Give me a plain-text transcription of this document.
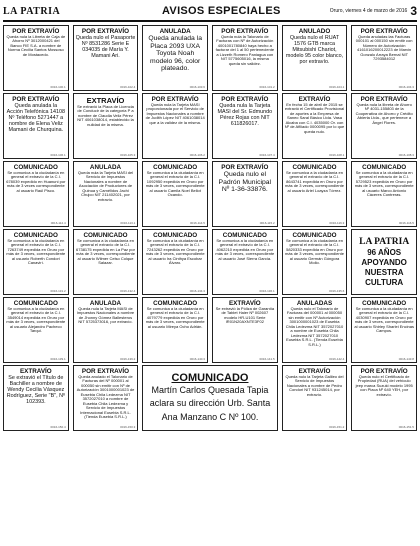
LA PATRIA	AVISOS ESPECIALES	Oruro, viernes 4 de marzo de 2016 3
POR EXTRAVÍO
Queda nula la Libreta de Caja de Ahorro Nº 3012000421 del Banco FIE S.A. a nombre de Norma Cecilia Santos Mossoso de Mostacedo.
0016-100.1
POR EXTRAVÍO
Queda nulo el Pasaporte Nº 8531286 Serie E 034035 de María Y. Mamani Ari.
0016-102.4
ANULADA
Queda anulada la Placa 2093 UXA Toyota Noah modelo 96, color plateado.
0016-103.6
POR EXTRAVÍO
Queda nula la Talonario de Facturas con Nº de Autorización 4001001780840 haya hecho a facturar del 1 al 50 perteneciente a Lizzeth Romero Paniagua con NIT 5775605016, la misma queda sin validez.
0016-101.2
ANULADO
Queda nulo el RUAT 1576 GTB marca Mitsubishi Chariot, modelo 95 color blanco, por extravío.
0016-104.1
POR EXTRAVÍO
Queda anuladas las Facturas 000101 al 000150 sin emitir con Número de Autorización 4161016200012223 de Marvin Gonzalo Arraya Bernal NIT 7293584012
0016-104.3
POR EXTRAVÍO
Queda anulada la Acción Telefónica 14108 Nº Teléfono 5271447 a nombre de Elena Veliz Mamani de Churquina.
0016-106.1
EXTRAVÍO
Se extravió la Placa de Licencia de Conducir de la categoría P a nombre de Claudia Veliz Pérez NIT 4061038014, establecido la nulidad de la misma.
0016-105.3
POR EXTRAVÍO
Queda nula la Tarjeta MASI proporcionada por el Servicio de Impuestos Nacionales a nombre de Judith López NIT 4061038014 que a la validez de la misma.
0016-106.2
POR EXTRAVÍO
Queda nula la Tarjeta MASI del Sr. Edmundo Pérez Rojas con NIT 611826017.
0016-107.4
EXTRAVÍO
En fecha 15 de abril de 2015 se extravió el Certificado Provisional de aportes a la Empresa de Saneo Saral Básico Ltda. Vasa Alcaba con C.I. 4035000 Or. con Nº de Afiliado 0000095 por lo que queda nulo.
0016-108.1
POR EXTRAVÍO
Queda nula la libreta de Ahorro Nº 4031-155803 de la Cooperativa de Ahorro y Crédito Abierta Ltda., que pertenece a Ángel Flores.
0016-108.3
COMUNICADO
Se comunica a la ciudadanía en general el extravío de la C.I. 678039 expedido en Huanuni por más de 3 veces correspondiente al usuario Raúl Pisco.
0016-112.4
ANULADA
Queda nula la Tarjeta MASI del Servicio de Impuestos Nacionales a nombre de Asociación de Productores de Quinua y Camélidos Jachi Chujco NIT 211402021, por extravío.
0016-113.1
COMUNICADO
Se comunica a la ciudadanía en general el extravío de la C.I. 1092950 expedida en Oruro por más de 3 veces, correspondiente al usuario Camila Noel Bellot Ocando.
0016-114.5
POR EXTRAVÍO
Queda nulo el Padrón Municipal Nº 1-36-33876.
0016-115.2
COMUNICADO
Se comunica a la ciudadanía en general el extravío de la C.I. 8643741 expedida en Oruro por más de 3 veces, correspondiente al usuario Ariel Loayza Tórrez.
0016-116.3
COMUNICADO
Se comunica a la ciudadanía en general el extravío de la C.I. 5729523 expedida en Oruro por más de 3 veces, correspondiente al usuario Marco Antonio Cáceres Contreras.
0016-116.5
COMUNICADO
Se comunica a la ciudadanía en general el extravío de la C.I. 7263749 expedida en Oruro por más de 3 veces, correspondiente al usuario Roberth Condori Canavirí.
0016-131.2
COMUNICADO
Se comunica a la ciudadanía en general el extravío de la C.I. 6738175 expedida en La Paz por más de 3 veces, correspondiente al usuario Wilmer Celso Colque Salazar.
0016-132.4
COMUNICADO
Se comunica a la ciudadanía en general el extravío de la C.I. 7243262 expedida en Oruro por más de 3 veces, correspondiente al usuario Ira Cinthya Escobar Álvaro.
0016-134.3
COMUNICADO
Se comunica a la ciudadanía en general el extravío de la C.I. 4062210 expedida en Oruro por más de 3 veces, correspondiente al usuario José Sierra García.
0016-136.1
COMUNICADO
Se comunica a la ciudadanía en general el extravío de la C.I. 5820333 expedida en Oruro por más de 3 veces, correspondiente al usuario Germán Góngora Molio.
0016-135.6
LA PATRIA
96 AÑOS
APOYANDO NUESTRA CULTURA
COMUNICADO
Se comunica a la ciudadanía en general el extravío de la C.I. 3549014 expedida en Oruro por más de 3 veces, correspondiente al usuario Alejandro Pacheco Tarqui.
0016-139.1
ANULADA
Queda nula la Tarjeta MASI de Impuestos Nacionales a nombre de Jhonny Gómez Ballesteros NIT 5725373016, por extravío.
0016-139.2
COMUNICADO
Se comunica a la ciudadanía en general el extravío de la C.I. 4079779 expedida en Oruro por más de 3 veces, correspondiente al usuario Mireya Ocho Adrián.
0016-140.3
EXTRAVÍO
Se extravió la Póliza de Garantía de Tablet Haier Nº 002607 modelo HR-U101 Serie IR01N20AXNTE3F02
0016-141.5
ANULADAS
Queda nulo el Talonario de Facturas del 000001 al 000050 sin emitir con Nº Autorización 3001000001023 de Eusebia Chila Ledezma NIT 3572027010 a nombre de Eusebia Chila Ledezma NIT 3572027010 Eusebia S.R.L. (Tienda Eusebia S.R.L.)
0016-142.4
COMUNICADO
Se comunica a la ciudadanía en general el extravío de la C.I. 4030907 expedida en Oruro por más de 3 veces, correspondiente al usuario Shirley Sharlei Encinas Campos.
0016-143.8
EXTRAVÍO
Se extravió el Título de Bachiller a nombre de Wendy Cecilia Vásquez Rodríguez, Serie "B", Nº 102393.
0016-150.4
POR EXTRAVÍO
Queda anulado el Talonario de Facturas del Nº 000001 al 000050 sin emitir con Nº de Autorización 3001000001023 de Eusebia Chila Ledezma NIT 3572027010 a nombre de Eusebia Chila Ledezma y Servicio de Impuestos Internacional Eusebia S.R.L. (Tienda Eusebia S.R.L.)
0016-150.3
COMUNICADO
Martín Carlos Quesada Tapia aclara su dirección Urb. Santa Ana Manzano C Nº 100.
EXTRAVÍO
Queda nulo la Tarjeta Galileo del Servicio de Impuestos Nacionales a nombre de Pedro Condori NIT 931245014, por extravío.
0016-151.2
POR EXTRAVÍO
Queda nulo el Certificado de Propiedad (RUA) del vehículo jeep marca Suzuki modelo 1995 con Placa Nº 640 YEH, por extravío.
0016-151.5
